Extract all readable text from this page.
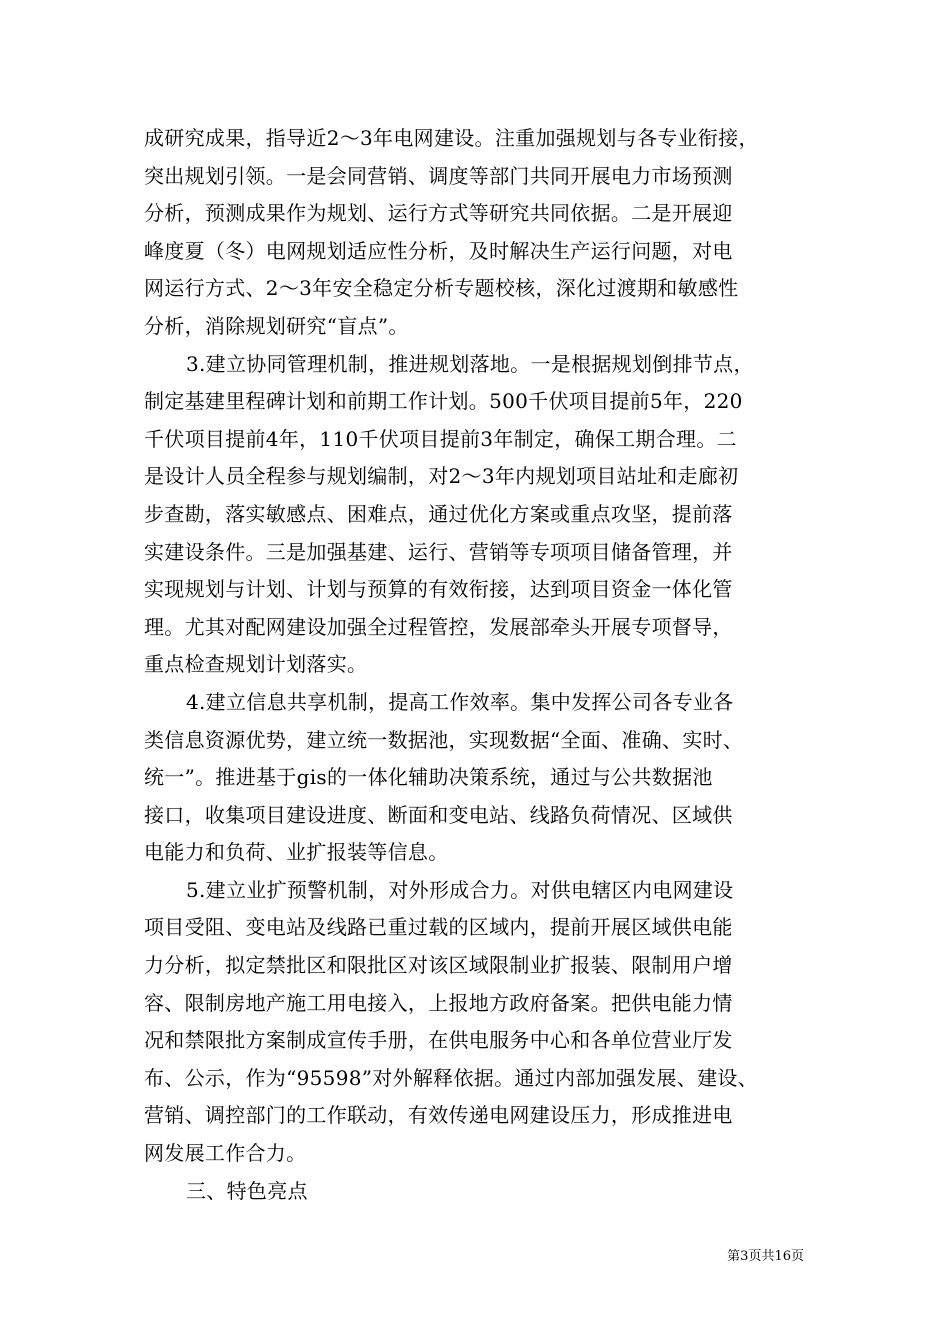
成研究成果，指导近2～3年电网建设。注重加强规划与各专业衔接，
突出规划引领。一是会同营销、调度等部门共同开展电力市场预测
分析，预测成果作为规划、运行方式等研究共同依据。二是开展迎
峰度夏（冬）电网规划适应性分析，及时解决生产运行问题，对电
网运行方式、2～3年安全稳定分析专题校核，深化过渡期和敏感性
分析，消除规划研究“盲点”。
3.建立协同管理机制，推进规划落地。一是根据规划倒排节点，
制定基建里程碑计划和前期工作计划。500千伏项目提前5年，220
千伏项目提前4年，110千伏项目提前3年制定，确保工期合理。二
是设计人员全程参与规划编制，对2～3年内规划项目站址和走廊初
步查勘，落实敏感点、困难点，通过优化方案或重点攻坚，提前落
实建设条件。三是加强基建、运行、营销等专项项目储备管理，并
实现规划与计划、计划与预算的有效衔接，达到项目资金一体化管
理。尤其对配网建设加强全过程管控，发展部牵头开展专项督导，
重点检查规划计划落实。
4.建立信息共享机制，提高工作效率。集中发挥公司各专业各
类信息资源优势，建立统一数据池，实现数据“全面、准确、实时、
统一”。推进基于gis的一体化辅助决策系统，通过与公共数据池
接口，收集项目建设进度、断面和变电站、线路负荷情况、区域供
电能力和负荷、业扩报装等信息。
5.建立业扩预警机制，对外形成合力。对供电辖区内电网建设
项目受阻、变电站及线路已重过载的区域内，提前开展区域供电能
力分析，拟定禁批区和限批区对该区域限制业扩报装、限制用户增
容、限制房地产施工用电接入，上报地方政府备案。把供电能力情
况和禁限批方案制成宣传手册，在供电服务中心和各单位营业厅发
布、公示，作为“95598”对外解释依据。通过内部加强发展、建设、
营销、调控部门的工作联动，有效传递电网建设压力，形成推进电
网发展工作合力。
三、特色亮点
第3页共16页
